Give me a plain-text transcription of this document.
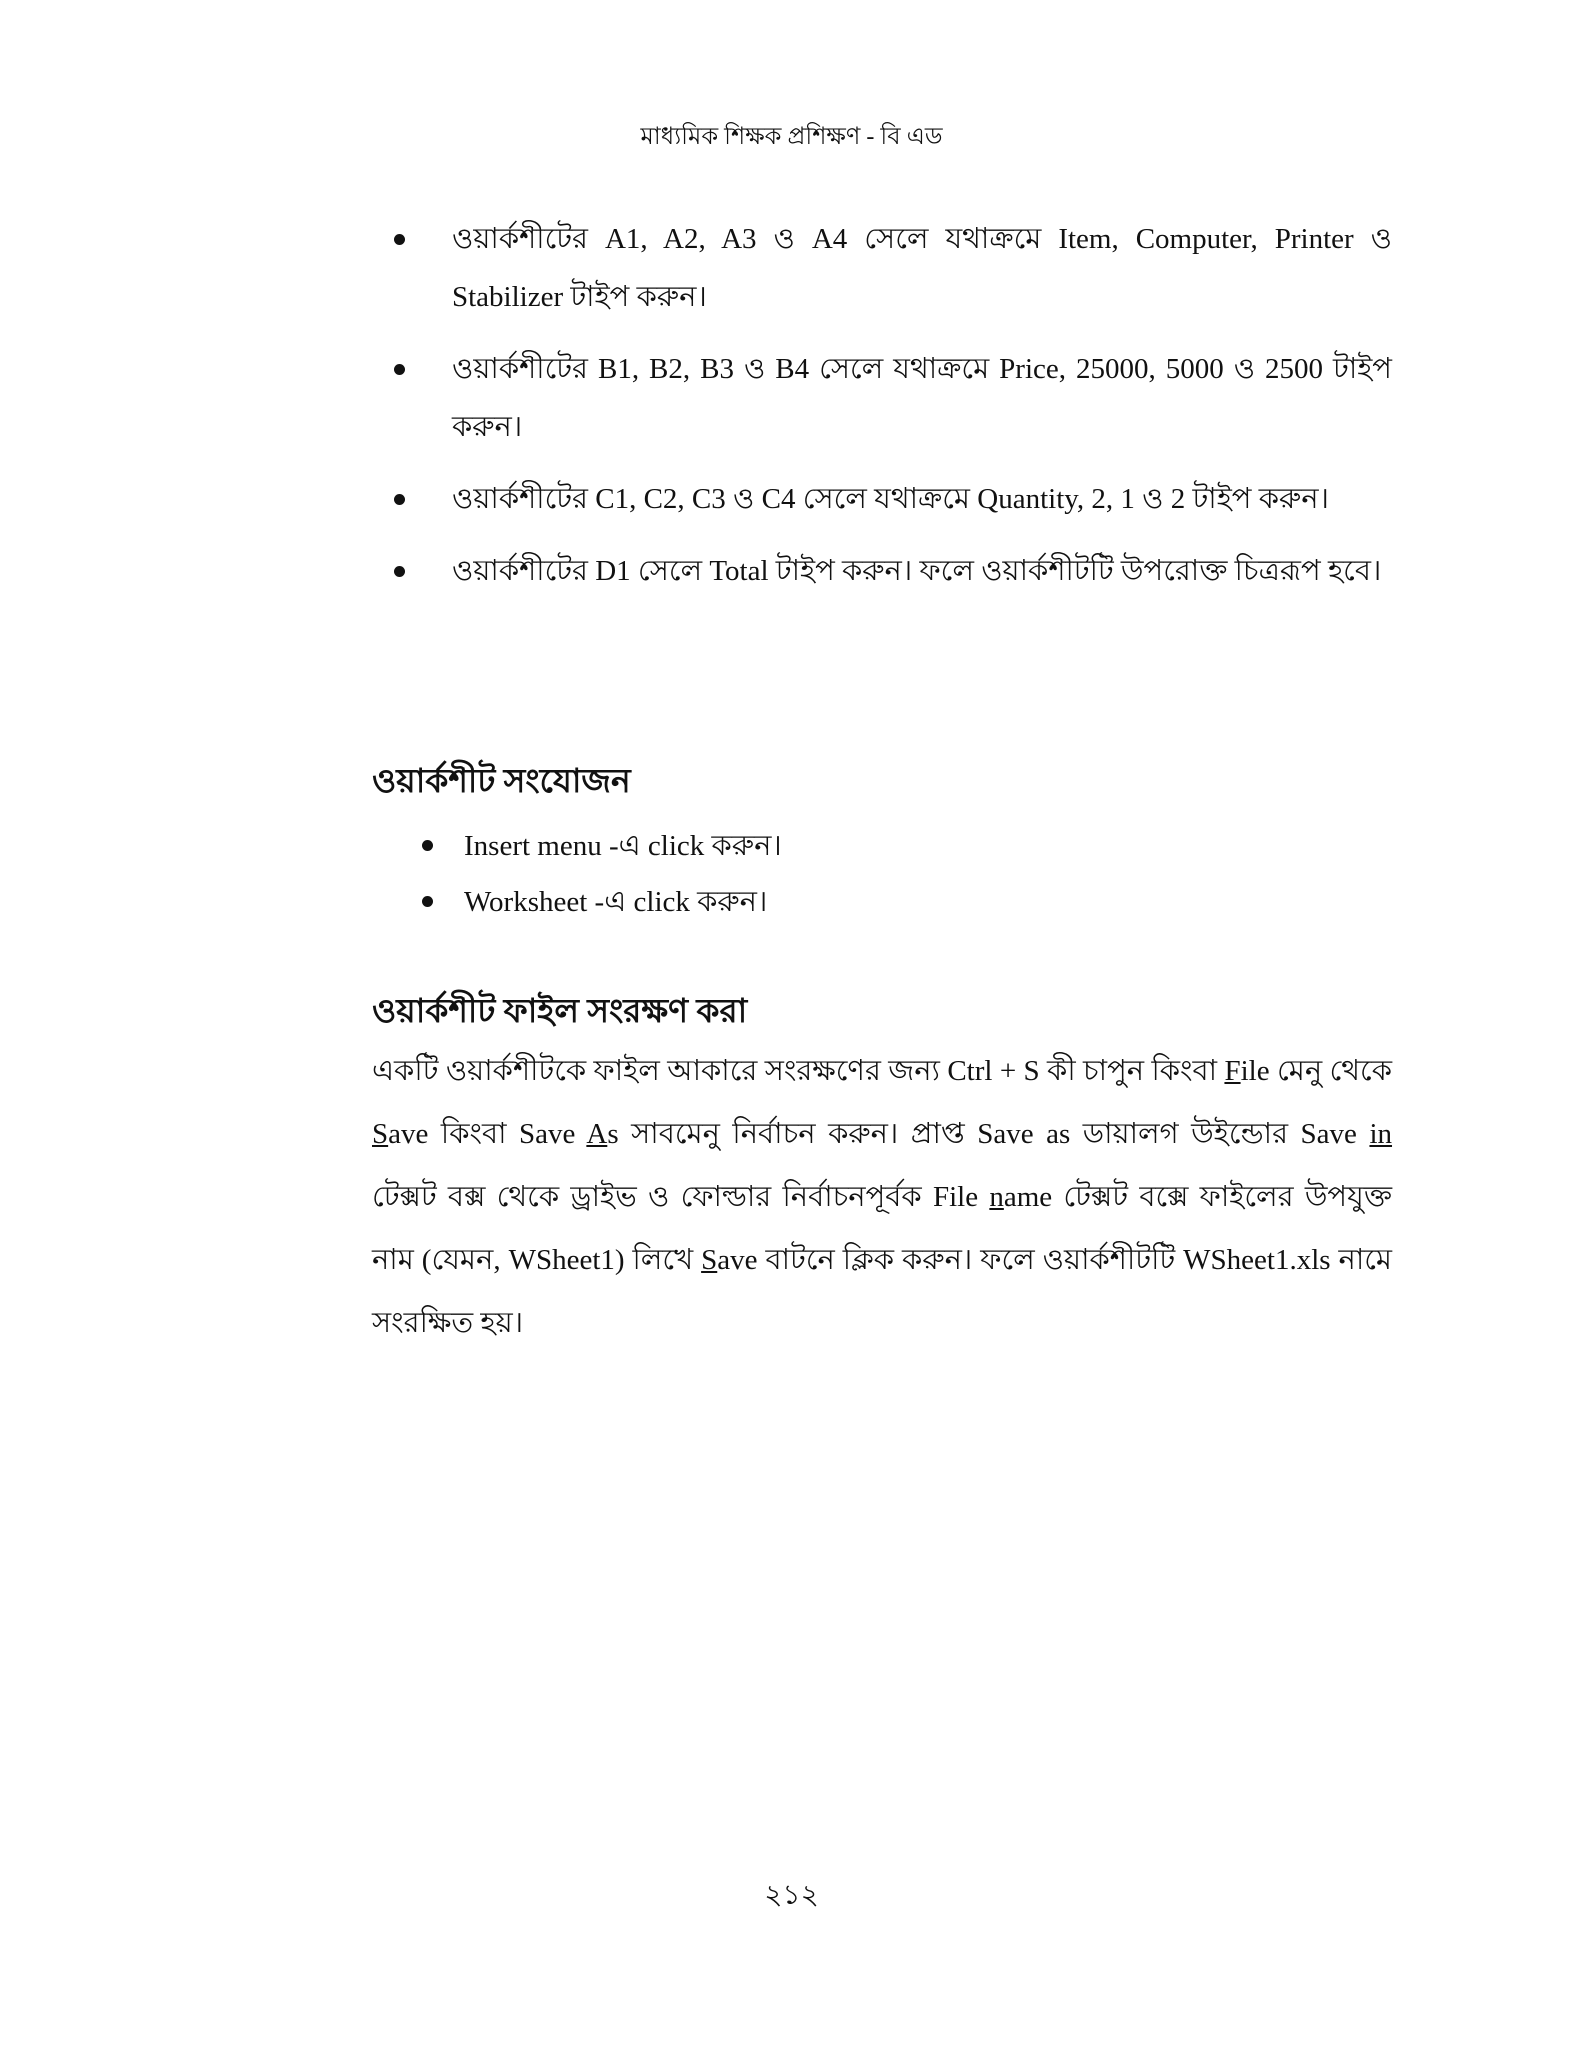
মাধ্যমিক শিক্ষক প্রশিক্ষণ - বি এড
ওয়ার্কশীটের A1, A2, A3 ও A4 সেলে যথাক্রমে Item, Computer, Printer ও Stabilizer টাইপ করুন।
ওয়ার্কশীটের B1, B2, B3 ও B4 সেলে যথাক্রমে Price, 25000, 5000 ও 2500 টাইপ করুন।
ওয়ার্কশীটের C1, C2, C3 ও C4 সেলে যথাক্রমে Quantity, 2, 1 ও 2 টাইপ করুন।
ওয়ার্কশীটের D1 সেলে Total টাইপ করুন। ফলে ওয়ার্কশীটটি উপরোক্ত চিত্ররূপ হবে।
ওয়ার্কশীট সংযোজন
Insert menu -এ click করুন।
Worksheet -এ click করুন।
ওয়ার্কশীট ফাইল সংরক্ষণ করা

একটি ওয়ার্কশীটকে ফাইল আকারে সংরক্ষণের জন্য Ctrl + S কী চাপুন কিংবা File মেনু থেকে Save কিংবা Save As সাবমেনু নির্বাচন করুন। প্রাপ্ত Save as ডায়ালগ উইন্ডোর Save in টেক্সট বক্স থেকে ড্রাইভ ও ফোল্ডার নির্বাচনপূর্বক File name টেক্সট বক্সে ফাইলের উপযুক্ত নাম (যেমন, WSheet1) লিখে Save বাটনে ক্লিক করুন। ফলে ওয়ার্কশীটটি WSheet1.xls নামে সংরক্ষিত হয়।

২১২
